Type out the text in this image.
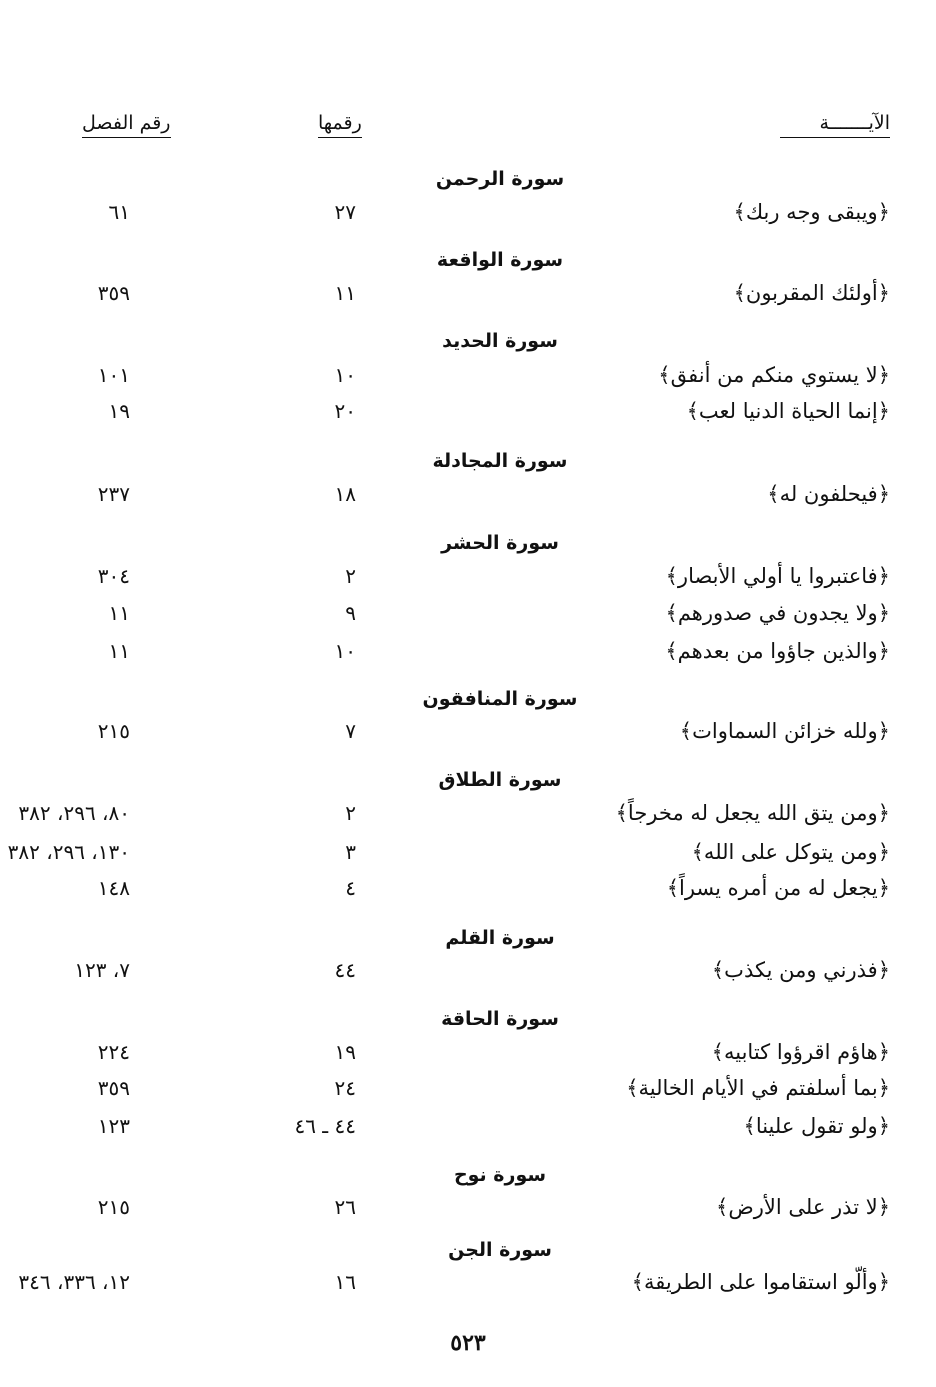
الآيـــــــة
رقمها
رقم الفصل
سورة الرحمن
﴿ويبقى وجه ربك﴾
٢٧
٦١
سورة الواقعة
﴿أولئك المقربون﴾
١١
٣٥٩
سورة الحديد
﴿لا يستوي منكم من أنفق﴾
١٠
١٠١
﴿إنما الحياة الدنيا لعب﴾
٢٠
١٩
سورة المجادلة
﴿فيحلفون له﴾
١٨
٢٣٧
سورة الحشر
﴿فاعتبروا يا أولي الأبصار﴾
٢
٣٠٤
﴿ولا يجدون في صدورهم﴾
٩
١١
﴿والذين جاؤوا من بعدهم﴾
١٠
١١
سورة المنافقون
﴿ولله خزائن السماوات﴾
٧
٢١٥
سورة الطلاق
﴿ومن يتق الله يجعل له مخرجاً﴾
٢
٨٠، ٢٩٦، ٣٨٢
﴿ومن يتوكل على الله﴾
٣
١٣٠، ٢٩٦، ٣٨٢
﴿يجعل له من أمره يسراً﴾
٤
١٤٨
سورة القلم
﴿فذرني ومن يكذب﴾
٤٤
٧، ١٢٣
سورة الحاقة
﴿هاؤم اقرؤوا كتابيه﴾
١٩
٢٢٤
﴿بما أسلفتم في الأيام الخالية﴾
٢٤
٣٥٩
﴿ولو تقول علينا﴾
٤٤ ـ ٤٦
١٢٣
سورة نوح
﴿لا تذر على الأرض﴾
٢٦
٢١٥
سورة الجن
﴿وألّو استقاموا على الطريقة﴾
١٦
١٢، ٣٣٦، ٣٤٦
٥٢٣
